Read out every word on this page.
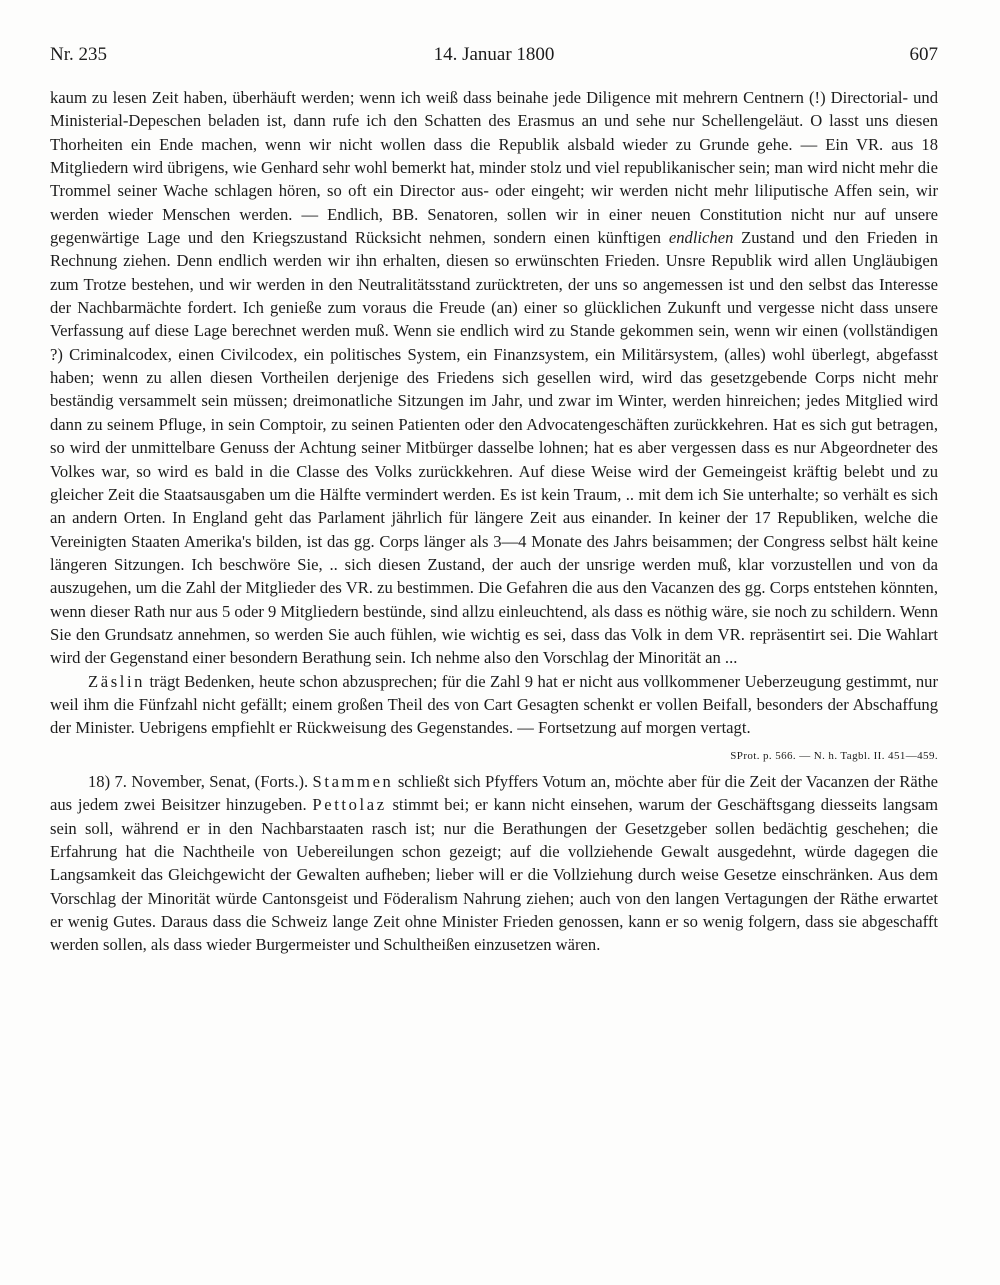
14. Januar 1800
Nr. 235	607

kaum zu lesen Zeit haben, überhäuft werden; wenn ich weiß dass beinahe jede Diligence mit mehrern Centnern (!) Directorial- und Ministerial-Depeschen beladen ist, dann rufe ich den Schatten des Erasmus an und sehe nur Schellengeläut. O lasst uns diesen Thorheiten ein Ende machen, wenn wir nicht wollen dass die Republik alsbald wieder zu Grunde gehe. — Ein VR. aus 18 Mitgliedern wird übrigens, wie Genhard sehr wohl bemerkt hat, minder stolz und viel republikanischer sein; man wird nicht mehr die Trommel seiner Wache schlagen hören, so oft ein Director aus- oder eingeht; wir werden nicht mehr liliputische Affen sein, wir werden wieder Menschen werden. — Endlich, BB. Senatoren, sollen wir in einer neuen Constitution nicht nur auf unsere gegenwärtige Lage und den Kriegszustand Rücksicht nehmen, sondern einen künftigen endlichen Zustand und den Frieden in Rechnung ziehen. Denn endlich werden wir ihn erhalten, diesen so erwünschten Frieden. Unsre Republik wird allen Ungläubigen zum Trotze bestehen, und wir werden in den Neutralitätsstand zurücktreten, der uns so angemessen ist und den selbst das Interesse der Nachbarmächte fordert. Ich genieße zum voraus die Freude (an) einer so glücklichen Zukunft und vergesse nicht dass unsere Verfassung auf diese Lage berechnet werden muß. Wenn sie endlich wird zu Stande gekommen sein, wenn wir einen (vollständigen ?) Criminalcodex, einen Civilcodex, ein politisches System, ein Finanzsystem, ein Militärsystem, (alles) wohl überlegt, abgefasst haben; wenn zu allen diesen Vortheilen derjenige des Friedens sich gesellen wird, wird das gesetzgebende Corps nicht mehr beständig versammelt sein müssen; dreimonatliche Sitzungen im Jahr, und zwar im Winter, werden hinreichen; jedes Mitglied wird dann zu seinem Pfluge, in sein Comptoir, zu seinen Patienten oder den Advocatengeschäften zurückkehren. Hat es sich gut betragen, so wird der unmittelbare Genuss der Achtung seiner Mitbürger dasselbe lohnen; hat es aber vergessen dass es nur Abgeordneter des Volkes war, so wird es bald in die Classe des Volks zurückkehren. Auf diese Weise wird der Gemeingeist kräftig belebt und zu gleicher Zeit die Staatsausgaben um die Hälfte vermindert werden. Es ist kein Traum, .. mit dem ich Sie unterhalte; so verhält es sich an andern Orten. In England geht das Parlament jährlich für längere Zeit aus einander. In keiner der 17 Republiken, welche die Vereinigten Staaten Amerika's bilden, ist das gg. Corps länger als 3—4 Monate des Jahrs beisammen; der Congress selbst hält keine längeren Sitzungen. Ich beschwöre Sie, .. sich diesen Zustand, der auch der unsrige werden muß, klar vorzustellen und von da auszugehen, um die Zahl der Mitglieder des VR. zu bestimmen. Die Gefahren die aus den Vacanzen des gg. Corps entstehen könnten, wenn dieser Rath nur aus 5 oder 9 Mitgliedern bestünde, sind allzu einleuchtend, als dass es nöthig wäre, sie noch zu schildern. Wenn Sie den Grundsatz annehmen, so werden Sie auch fühlen, wie wichtig es sei, dass das Volk in dem VR. repräsentirt sei. Die Wahlart wird der Gegenstand einer besondern Berathung sein. Ich nehme also den Vorschlag der Minorität an ...

Zäslin trägt Bedenken, heute schon abzusprechen; für die Zahl 9 hat er nicht aus vollkommener Ueberzeugung gestimmt, nur weil ihm die Fünfzahl nicht gefällt; einem großen Theil des von Cart Gesagten schenkt er vollen Beifall, besonders der Abschaffung der Minister. Uebrigens empfiehlt er Rückweisung des Gegenstandes. — Fortsetzung auf morgen vertagt.
SProt. p. 566. — N. h. Tagbl. II. 451—459.

18) 7. November, Senat, (Forts.). Stammen schließt sich Pfyffers Votum an, möchte aber für die Zeit der Vacanzen der Räthe aus jedem zwei Beisitzer hinzugeben. Pettolaz stimmt bei; er kann nicht einsehen, warum der Geschäftsgang diesseits langsam sein soll, während er in den Nachbarstaaten rasch ist; nur die Berathungen der Gesetzgeber sollen bedächtig geschehen; die Erfahrung hat die Nachtheile von Uebereilungen schon gezeigt; auf die vollziehende Gewalt ausgedehnt, würde dagegen die Langsamkeit das Gleichgewicht der Gewalten aufheben; lieber will er die Vollziehung durch weise Gesetze einschränken. Aus dem Vorschlag der Minorität würde Cantonsgeist und Föderalism Nahrung ziehen; auch von den langen Vertagungen der Räthe erwartet er wenig Gutes. Daraus dass die Schweiz lange Zeit ohne Minister Frieden genossen, kann er so wenig folgern, dass sie abgeschafft werden sollen, als dass wieder Burgermeister und Schultheißen einzusetzen wären.
